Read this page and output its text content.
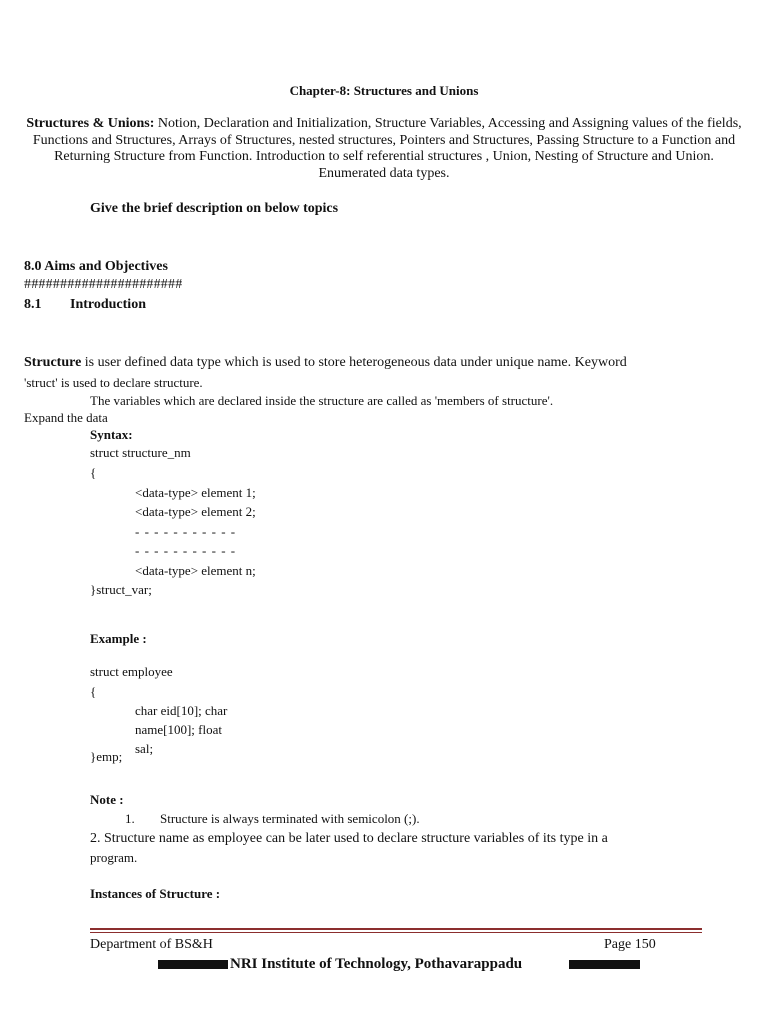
Chapter-8: Structures and Unions
Structures & Unions: Notion, Declaration and Initialization, Structure Variables, Accessing and Assigning values of the fields, Functions and Structures, Arrays of Structures, nested structures, Pointers and Structures, Passing Structure to a Function and Returning Structure from Function. Introduction to self referential structures , Union, Nesting of Structure and Union. Enumerated data types.
Give the brief description on below topics
8.0 Aims and Objectives
######################
8.1 Introduction
Structure is user defined data type which is used to store heterogeneous data under unique name. Keyword
'struct' is used to declare structure.
The variables which are declared inside the structure are called as 'members of structure'.
Expand the data
Syntax:
struct structure_nm
{
<data-type> element 1;
<data-type> element 2;
- - - - - - - - - - -
- - - - - - - - - - -
<data-type> element n;
}struct_var;
Example :
struct employee
{
char eid[10]; char
name[100]; float
sal;
}emp;
Note :
1. Structure is always terminated with semicolon (;).
2. Structure name as employee can be later used to declare structure variables of its type in a
program.
Instances of Structure :
Department of BS&H	Page 150
NRI Institute of Technology, Pothavarappadu
